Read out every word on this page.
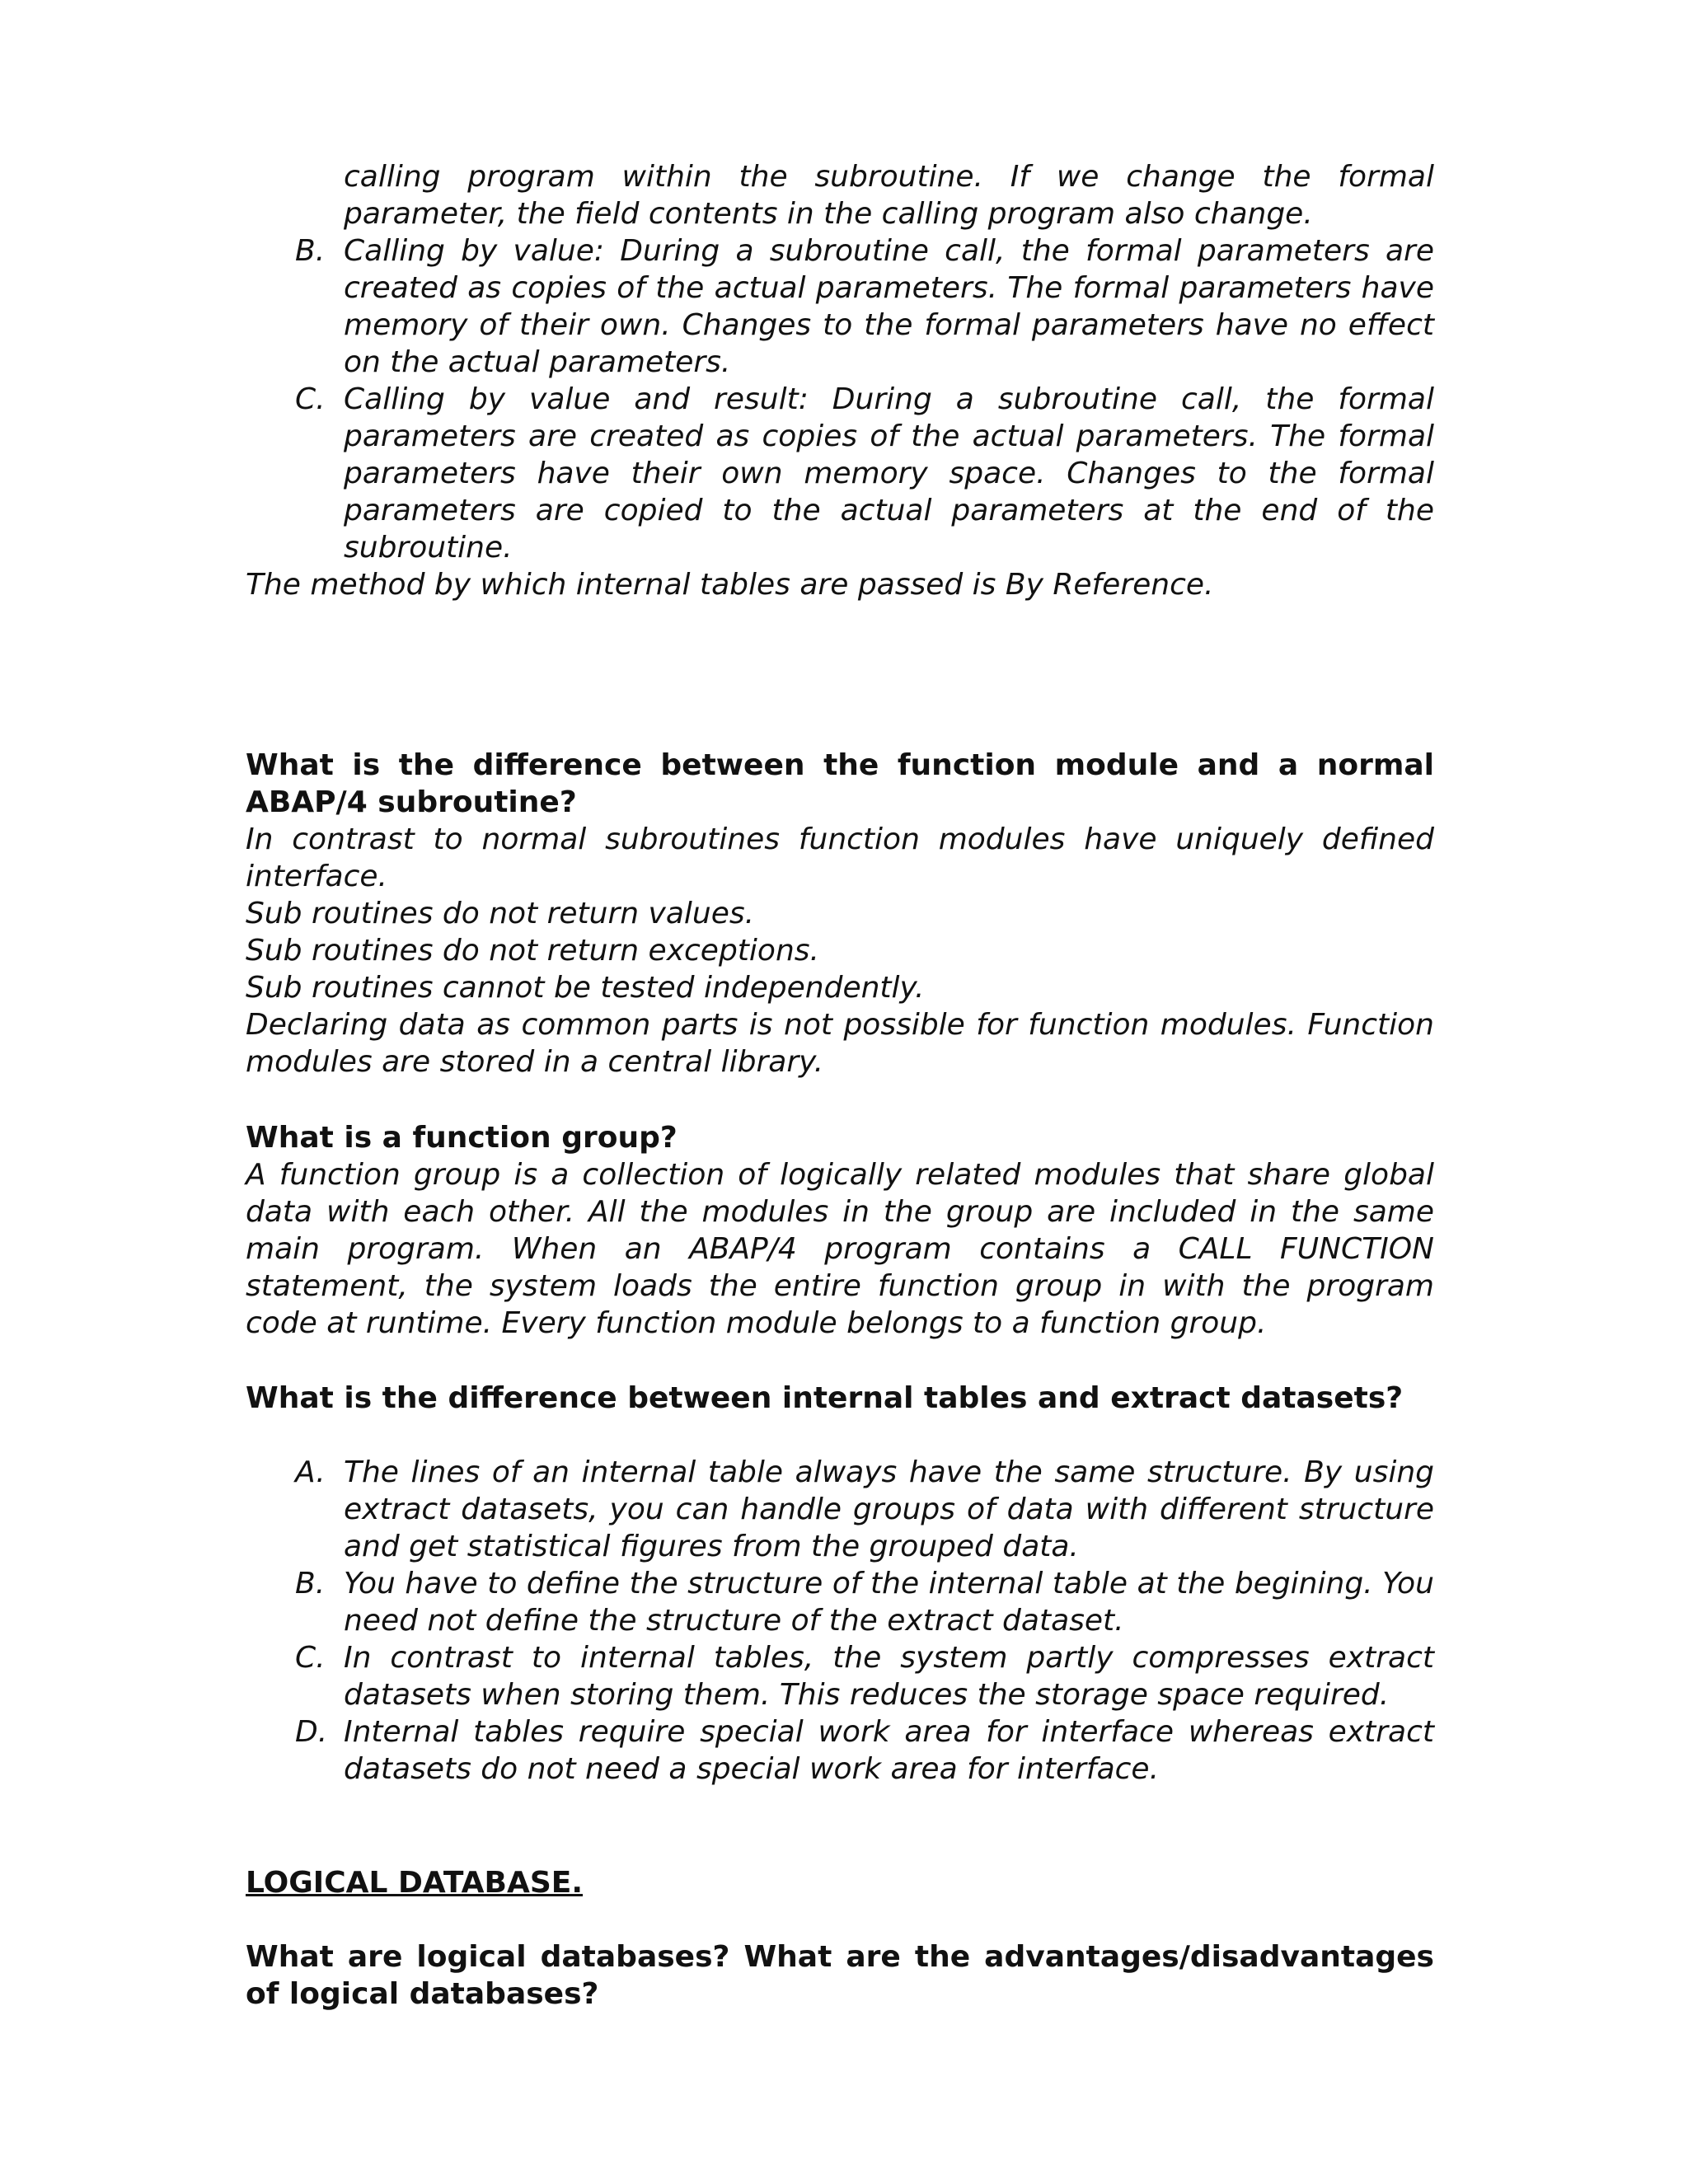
calling program within the subroutine. If we change the formal parameter, the field contents in the calling program also change.

B. Calling by value: During a subroutine call, the formal parameters are created as copies of the actual parameters. The formal parameters have memory of their own. Changes to the formal parameters have no effect on the actual parameters.

C. Calling by value and result: During a subroutine call, the formal parameters are created as copies of the actual parameters. The formal parameters have their own memory space. Changes to the formal parameters are copied to the actual parameters at the end of the subroutine.

The method by which internal tables are passed is By Reference.

What is the difference between the function module and a normal ABAP/4 subroutine?

In contrast to normal subroutines function modules have uniquely defined interface.

Sub routines do not return values.

Sub routines do not return exceptions.

Sub routines cannot be tested independently.

Declaring data as common parts is not possible for function modules. Function modules are stored in a central library.

What is a function group?

A function group is a collection of logically related modules that share global data with each other. All the modules in the group are included in the same main program. When an ABAP/4 program contains a CALL FUNCTION statement, the system loads the entire function group in with the program code at runtime. Every function module belongs to a function group.

What is the difference between internal tables and extract datasets?

A. The lines of an internal table always have the same structure. By using extract datasets, you can handle groups of data with different structure and get statistical figures from the grouped data.

B. You have to define the structure of the internal table at the begining. You need not define the structure of the extract dataset.

C. In contrast to internal tables, the system partly compresses extract datasets when storing them. This reduces the storage space required.

D. Internal tables require special work area for interface whereas extract datasets do not need a special work area for interface.

LOGICAL DATABASE.

What are logical databases? What are the advantages/disadvantages of logical databases?
